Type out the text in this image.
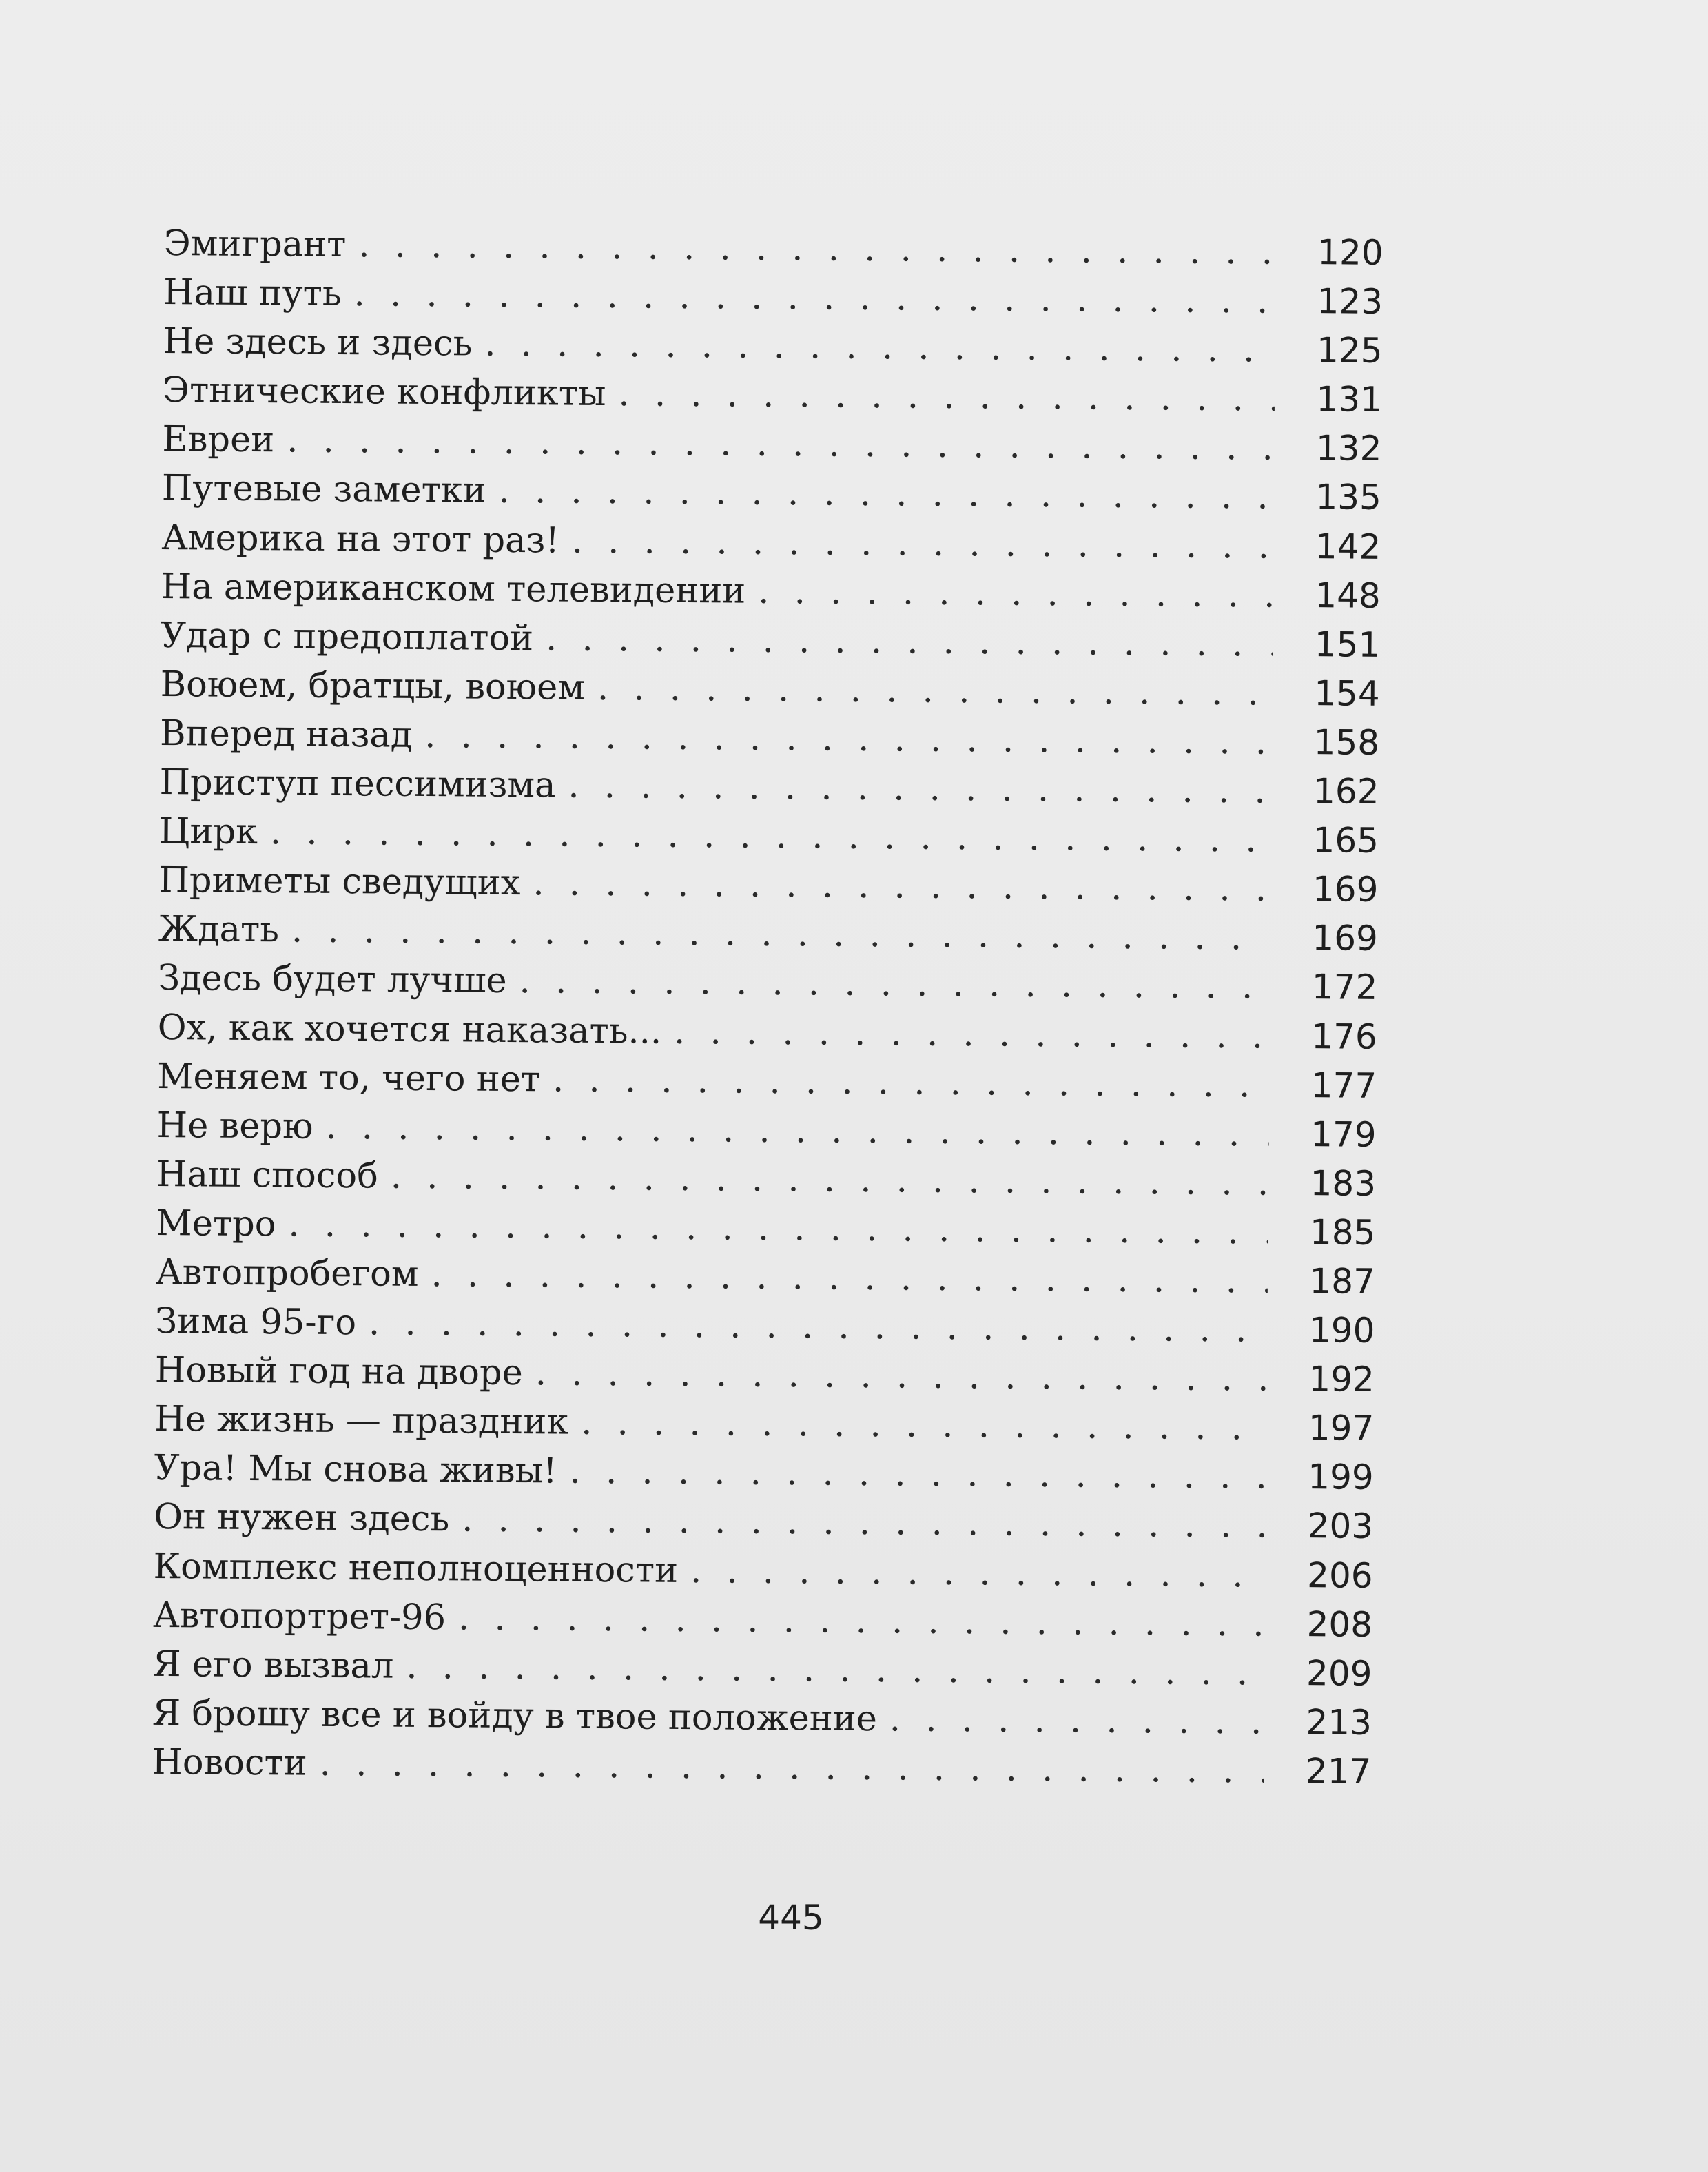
Эмигрант . . .	120
Наш путь . . .	123
Не здесь и здесь . . .	125
Этнические конфликты . . .	131
Евреи . . .	132
Путевые заметки . . .	135
Америка на этот раз! . . .	142
На американском телевидении . . .	148
Удар с предоплатой . . .	151
Воюем, братцы, воюем . . .	154
Вперед назад . . .	158
Приступ пессимизма . . .	162
Цирк . . .	165
Приметы сведущих . . .	169
Ждать . . .	169
Здесь будет лучше . . .	172
Ох, как хочется наказать... . . .	176
Меняем то, чего нет . . .	177
Не верю . . .	179
Наш способ . . .	183
Метро . . .	185
Автопробегом . . .	187
Зима 95-го . . .	190
Новый год на дворе . . .	192
Не жизнь — праздник . . .	197
Ура! Мы снова живы! . . .	199
Он нужен здесь . . .	203
Комплекс неполноценности . . .	206
Автопортрет-96 . . .	208
Я его вызвал . . .	209
Я брошу все и войду в твое положение . . .	213
Новости . . .	217
445
